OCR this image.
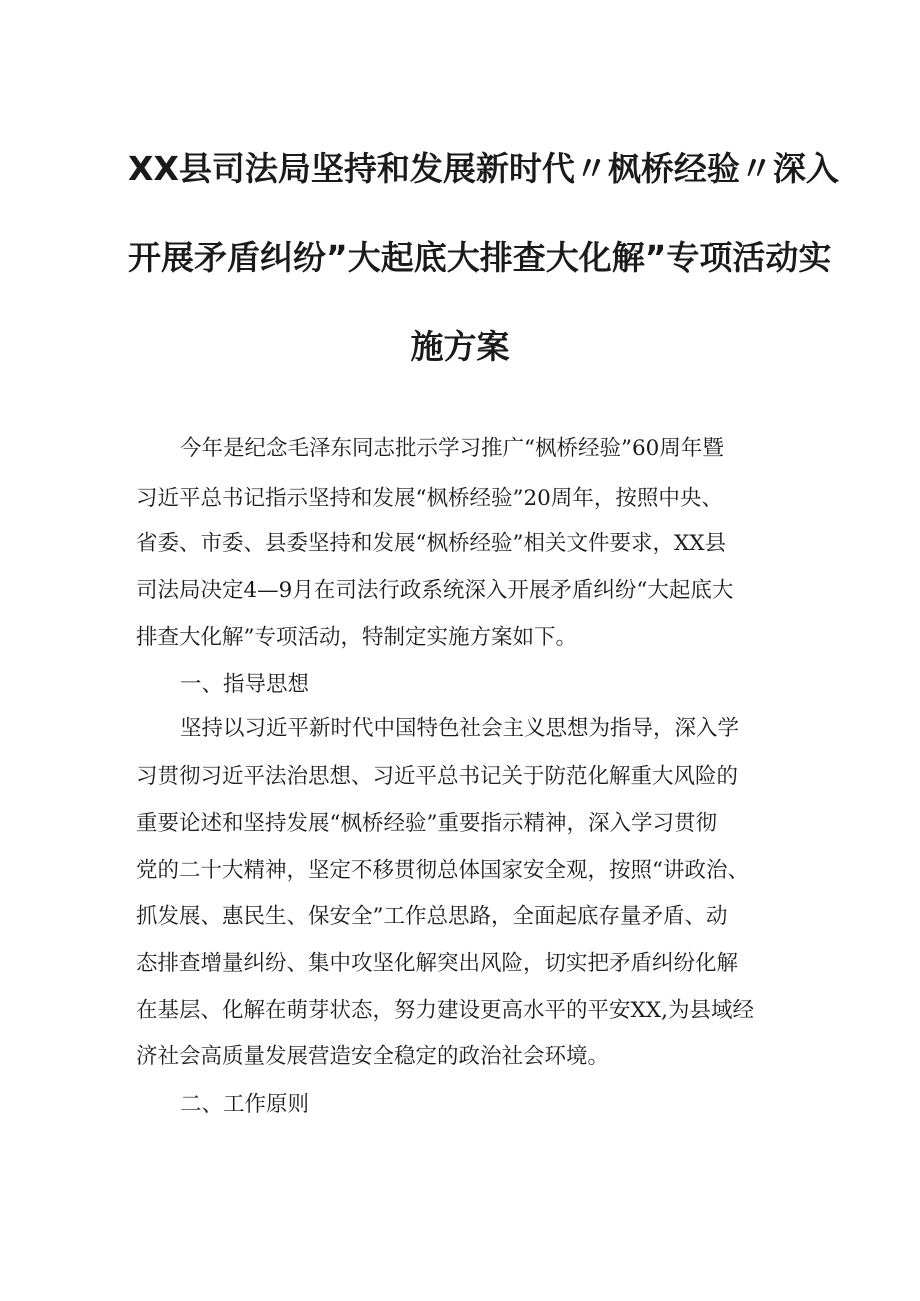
XX县司法局坚持和发展新时代〃枫桥经验〃深入
开展矛盾纠纷”大起底大排查大化解”专项活动实
施方案

今年是纪念毛泽东同志批示学习推广“枫桥经验”60周年暨

习近平总书记指示坚持和发展“枫桥经验”20周年，按照中央、

省委、市委、县委坚持和发展“枫桥经验”相关文件要求，XX县

司法局决定4—9月在司法行政系统深入开展矛盾纠纷“大起底大

排查大化解”专项活动，特制定实施方案如下。

一、指导思想

坚持以习近平新时代中国特色社会主义思想为指导，深入学

习贯彻习近平法治思想、习近平总书记关于防范化解重大风险的

重要论述和坚持发展“枫桥经验”重要指示精神，深入学习贯彻

党的二十大精神，坚定不移贯彻总体国家安全观，按照“讲政治、

抓发展、惠民生、保安全”工作总思路，全面起底存量矛盾、动

态排查增量纠纷、集中攻坚化解突出风险，切实把矛盾纠纷化解

在基层、化解在萌芽状态，努力建设更高水平的平安XX,为县域经

济社会高质量发展营造安全稳定的政治社会环境。

二、工作原则
